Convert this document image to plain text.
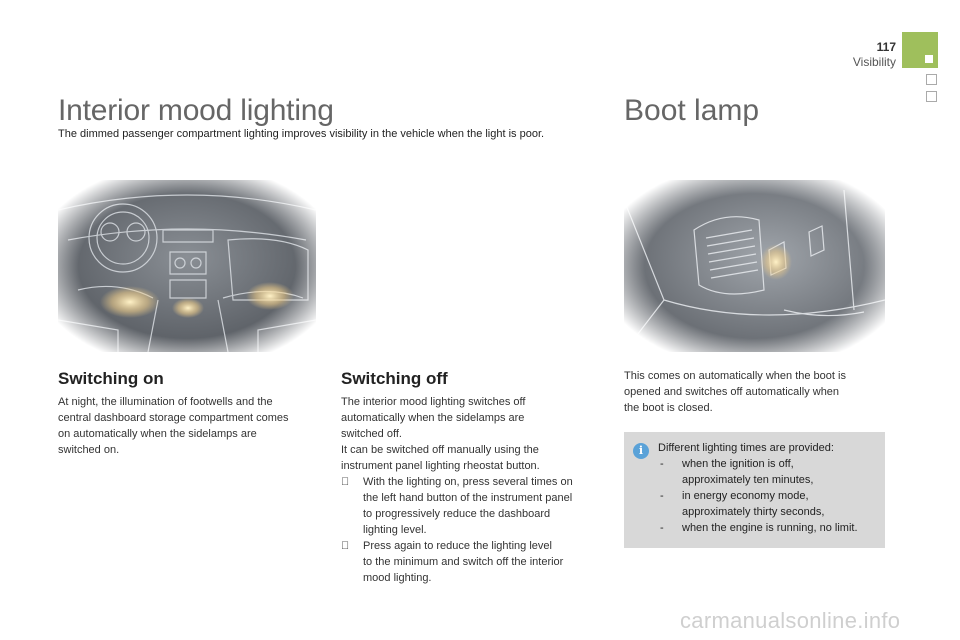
117
Visibility
Interior mood lighting
The dimmed passenger compartment lighting improves visibility in the vehicle when the light is poor.
Boot lamp
Switching on
At night, the illumination of footwells and the
central dashboard storage compartment comes
on automatically when the sidelamps are
switched on.
Switching off
The interior mood lighting switches off
automatically when the sidelamps are
switched off.
It can be switched off manually using the
instrument panel lighting rheostat button.
With the lighting on, press several times on
the left hand button of the instrument panel
to progressively reduce the dashboard
lighting level.
Press again to reduce the lighting level
to the minimum and switch off the interior
mood lighting.
This comes on automatically when the boot is
opened and switches off automatically when
the boot is closed.
i	Different lighting times are provided:
- when the ignition is off,
approximately ten minutes,
- in energy economy mode,
approximately thirty seconds,
- when the engine is running, no limit.
carmanualsonline.info
